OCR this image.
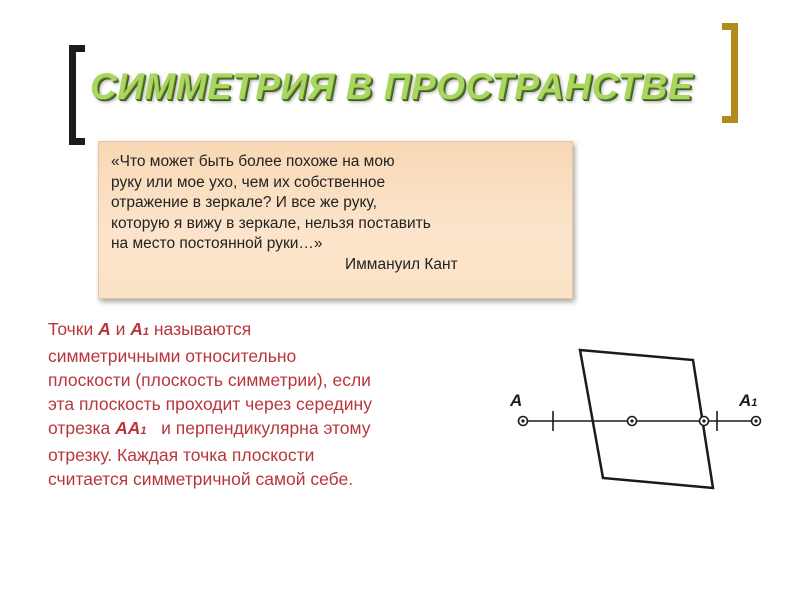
СИММЕТРИЯ В ПРОСТРАНСТВЕ
«Что может быть более похоже на мою
руку или мое ухо, чем их собственное
отражение в зеркале? И все же руку,
которую я вижу в зеркале, нельзя поставить
на место постоянной руки…»
Иммануил Кант
Точки А и А1 называются
симметричными относительно
плоскости (плоскость симметрии), если
эта плоскость проходит через середину
отрезка АА1   и перпендикулярна этому
отрезку. Каждая точка плоскости
считается симметричной самой себе.
А	А1
